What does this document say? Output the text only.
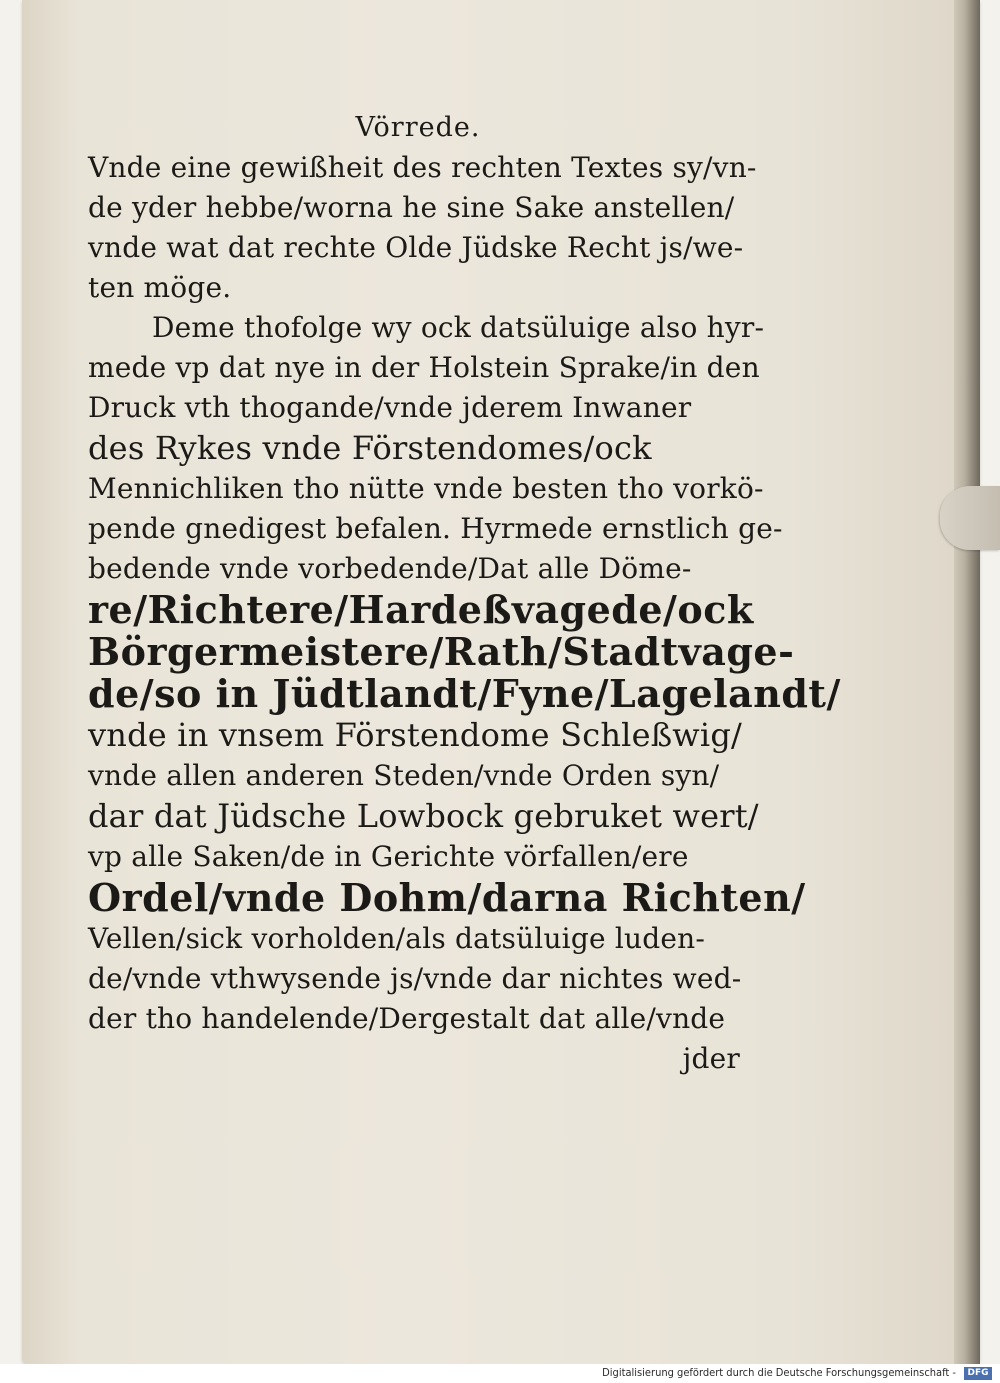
Vörrede.
Vnde eine gewißheit des rechten Textes sy/vn-
de yder hebbe/worna he sine Sake anstellen/
vnde wat dat rechte Olde Jüdske Recht js/we-
ten möge.
Deme thofolge wy ock datsüluige also hyr-
mede vp dat nye in der Holstein Sprake/in den
Druck vth thogande/vnde jderem Inwaner
des Rykes vnde Förstendomes/ock
Mennichliken tho nütte vnde besten tho vorkö-
pende gnedigest befalen. Hyrmede ernstlich ge-
bedende vnde vorbedende/Dat alle Döme-
re/Richtere/Hardeßvagede/ock
Börgermeistere/Rath/Stadtvage-
de/so in Jüdtlandt/Fyne/Lagelandt/
vnde in vnsem Förstendome Schleßwig/
vnde allen anderen Steden/vnde Orden syn/
dar dat Jüdsche Lowbock gebruket wert/
vp alle Saken/de in Gerichte vörfallen/ere
Ordel/vnde Dohm/darna Richten/
Vellen/sick vorholden/als datsüluige luden-
de/vnde vthwysende js/vnde dar nichtes wed-
der tho handelende/Dergestalt dat alle/vnde
jder
Digitalisierung gefördert durch die Deutsche Forschungsgemeinschaft -	DFG
